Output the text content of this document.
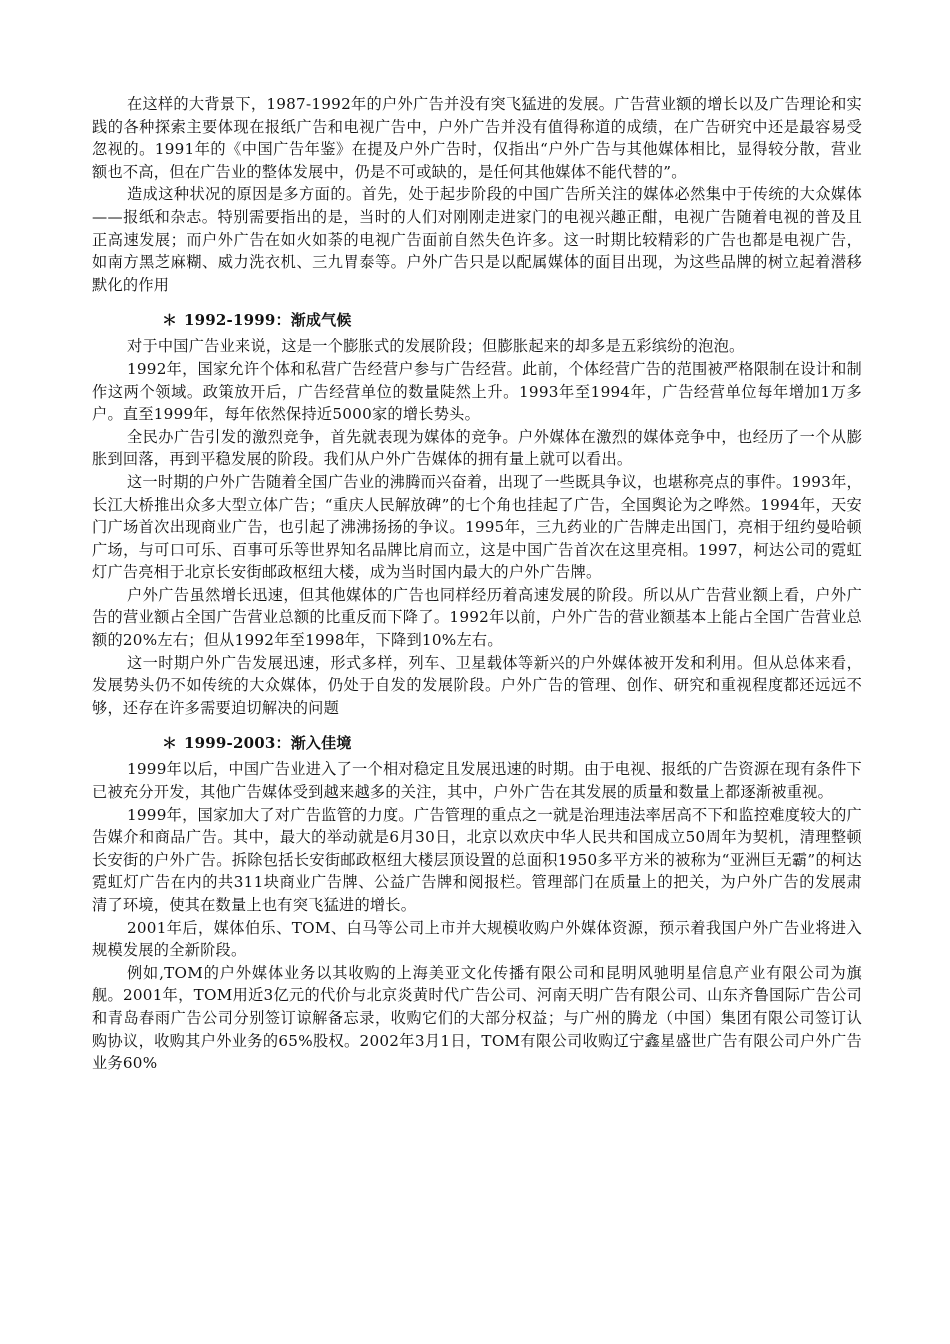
在这样的大背景下，1987-1992年的户外广告并没有突飞猛进的发展。广告营业额的增长以及广告理论和实践的各种探索主要体现在报纸广告和电视广告中，户外广告并没有值得称道的成绩，在广告研究中还是最容易受忽视的。1991年的《中国广告年鉴》在提及户外广告时，仅指出“户外广告与其他媒体相比，显得较分散，营业额也不高，但在广告业的整体发展中，仍是不可或缺的，是任何其他媒体不能代替的”。

造成这种状况的原因是多方面的。首先，处于起步阶段的中国广告所关注的媒体必然集中于传统的大众媒体——报纸和杂志。特别需要指出的是，当时的人们对刚刚走进家门的电视兴趣正酣，电视广告随着电视的普及且正高速发展；而户外广告在如火如荼的电视广告面前自然失色许多。这一时期比较精彩的广告也都是电视广告，如南方黑芝麻糊、威力洗衣机、三九胃泰等。户外广告只是以配属媒体的面目出现，为这些品牌的树立起着潜移默化的作用

＊ 1992-1999：渐成气候

对于中国广告业来说，这是一个膨胀式的发展阶段；但膨胀起来的却多是五彩缤纷的泡泡。

1992年，国家允许个体和私营广告经营户参与广告经营。此前，个体经营广告的范围被严格限制在设计和制作这两个领域。政策放开后，广告经营单位的数量陡然上升。1993年至1994年，广告经营单位每年增加1万多户。直至1999年，每年依然保持近5000家的增长势头。

全民办广告引发的激烈竞争，首先就表现为媒体的竞争。户外媒体在激烈的媒体竞争中，也经历了一个从膨胀到回落，再到平稳发展的阶段。我们从户外广告媒体的拥有量上就可以看出。

这一时期的户外广告随着全国广告业的沸腾而兴奋着，出现了一些既具争议，也堪称亮点的事件。1993年，长江大桥推出众多大型立体广告；“重庆人民解放碑”的七个角也挂起了广告，全国舆论为之哗然。1994年，天安门广场首次出现商业广告，也引起了沸沸扬扬的争议。1995年，三九药业的广告牌走出国门，亮相于纽约曼哈顿广场，与可口可乐、百事可乐等世界知名品牌比肩而立，这是中国广告首次在这里亮相。1997，柯达公司的霓虹灯广告亮相于北京长安街邮政枢纽大楼，成为当时国内最大的户外广告牌。

户外广告虽然增长迅速，但其他媒体的广告也同样经历着高速发展的阶段。所以从广告营业额上看，户外广告的营业额占全国广告营业总额的比重反而下降了。1992年以前，户外广告的营业额基本上能占全国广告营业总额的20%左右；但从1992年至1998年，下降到10%左右。

这一时期户外广告发展迅速，形式多样，列车、卫星载体等新兴的户外媒体被开发和利用。但从总体来看，发展势头仍不如传统的大众媒体，仍处于自发的发展阶段。户外广告的管理、创作、研究和重视程度都还远远不够，还存在许多需要迫切解决的问题

＊ 1999-2003：渐入佳境

1999年以后，中国广告业进入了一个相对稳定且发展迅速的时期。由于电视、报纸的广告资源在现有条件下已被充分开发，其他广告媒体受到越来越多的关注，其中，户外广告在其发展的质量和数量上都逐渐被重视。

1999年，国家加大了对广告监管的力度。广告管理的重点之一就是治理违法率居高不下和监控难度较大的广告媒介和商品广告。其中，最大的举动就是6月30日，北京以欢庆中华人民共和国成立50周年为契机，清理整顿长安街的户外广告。拆除包括长安街邮政枢纽大楼层顶设置的总面积1950多平方米的被称为“亚洲巨无霸”的柯达霓虹灯广告在内的共311块商业广告牌、公益广告牌和阅报栏。管理部门在质量上的把关，为户外广告的发展肃清了环境，使其在数量上也有突飞猛进的增长。

2001年后，媒体伯乐、TOM、白马等公司上市并大规模收购户外媒体资源，预示着我国户外广告业将进入规模发展的全新阶段。

例如,TOM的户外媒体业务以其收购的上海美亚文化传播有限公司和昆明风驰明星信息产业有限公司为旗舰。2001年，TOM用近3亿元的代价与北京炎黄时代广告公司、河南天明广告有限公司、山东齐鲁国际广告公司和青岛春雨广告公司分别签订谅解备忘录，收购它们的大部分权益；与广州的腾龙（中国）集团有限公司签订认购协议，收购其户外业务的65%股权。2002年3月1日，TOM有限公司收购辽宁鑫星盛世广告有限公司户外广告业务60%
